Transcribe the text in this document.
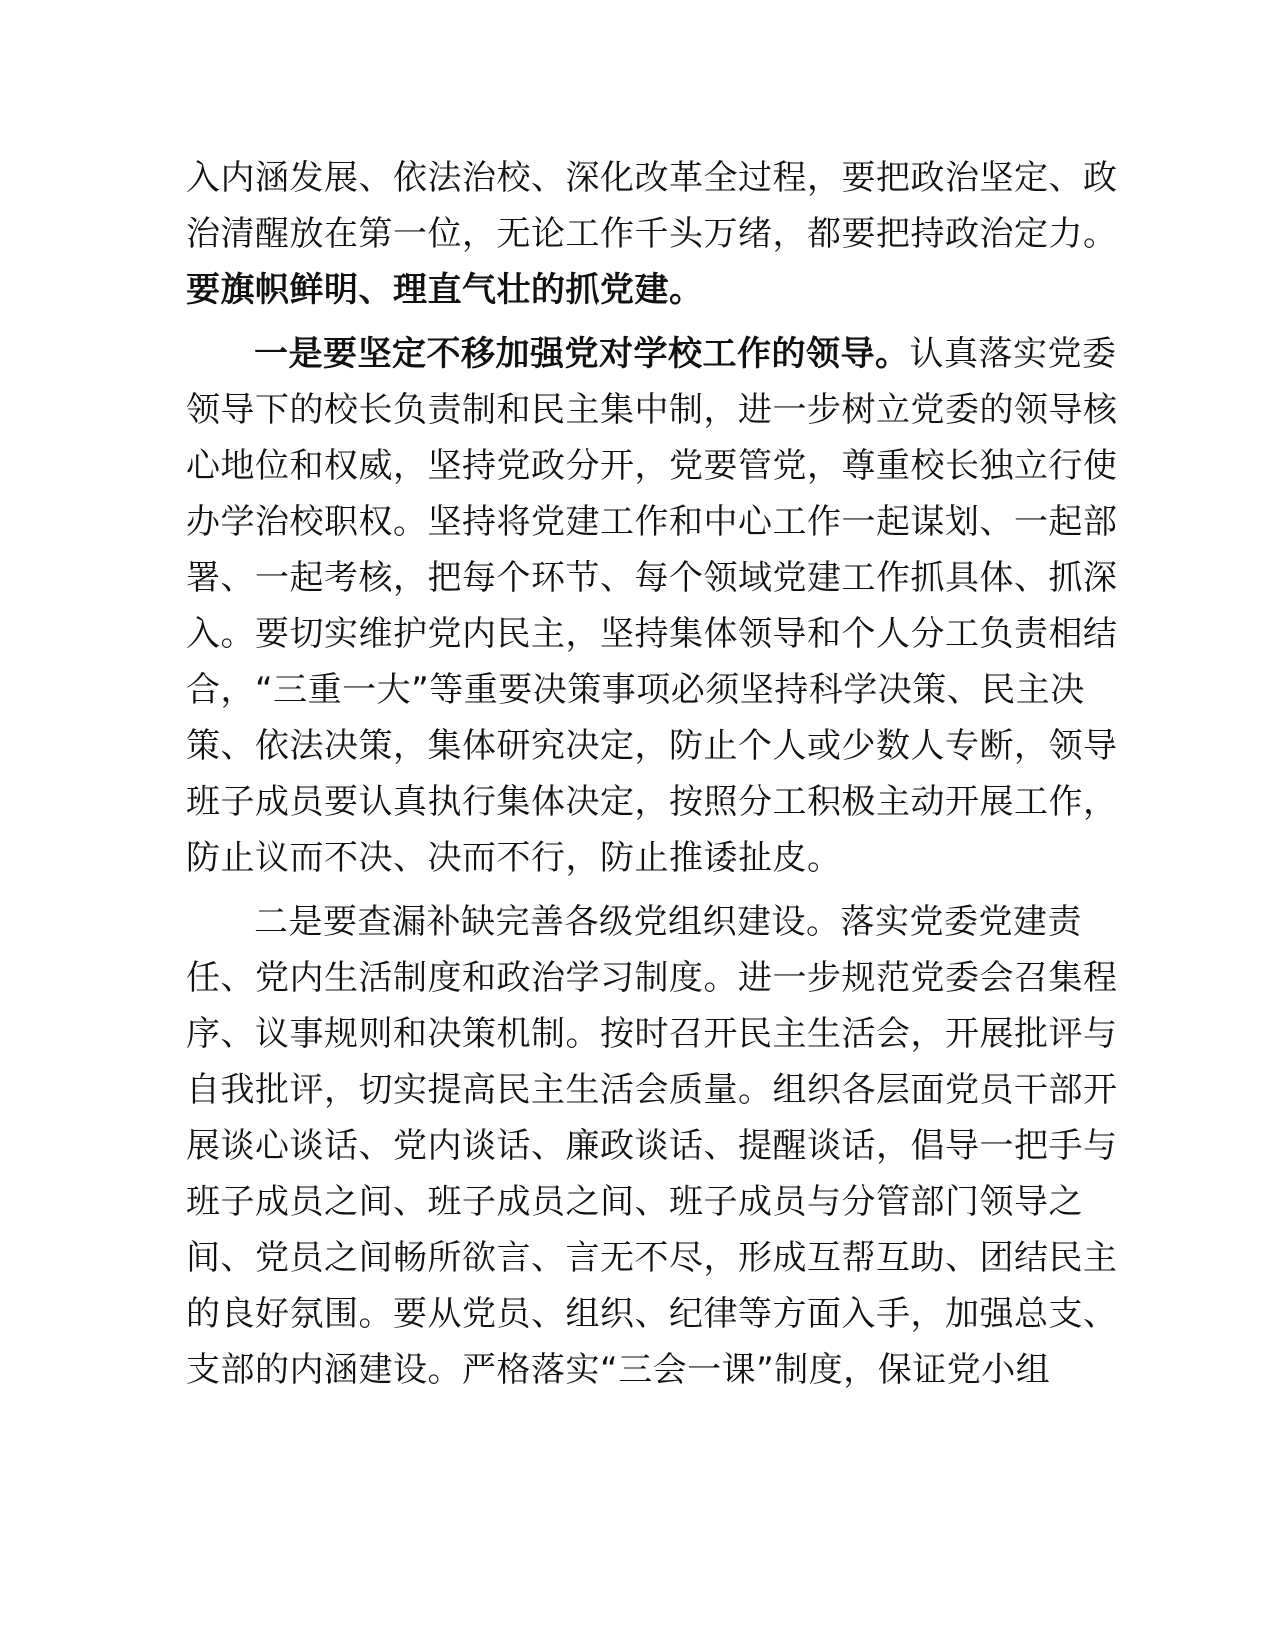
入内涵发展、依法治校、深化改革全过程，要把政治坚定、政
治清醒放在第一位，无论工作千头万绪，都要把持政治定力。
要旗帜鲜明、理直气壮的抓党建。
一是要坚定不移加强党对学校工作的领导。认真落实党委
领导下的校长负责制和民主集中制，进一步树立党委的领导核
心地位和权威，坚持党政分开，党要管党，尊重校长独立行使
办学治校职权。坚持将党建工作和中心工作一起谋划、一起部
署、一起考核，把每个环节、每个领域党建工作抓具体、抓深
入。要切实维护党内民主，坚持集体领导和个人分工负责相结
合，“三重一大”等重要决策事项必须坚持科学决策、民主决
策、依法决策，集体研究决定，防止个人或少数人专断，领导
班子成员要认真执行集体决定，按照分工积极主动开展工作，
防止议而不决、决而不行，防止推诿扯皮。
二是要查漏补缺完善各级党组织建设。落实党委党建责
任、党内生活制度和政治学习制度。进一步规范党委会召集程
序、议事规则和决策机制。按时召开民主生活会，开展批评与
自我批评，切实提高民主生活会质量。组织各层面党员干部开
展谈心谈话、党内谈话、廉政谈话、提醒谈话，倡导一把手与
班子成员之间、班子成员之间、班子成员与分管部门领导之
间、党员之间畅所欲言、言无不尽，形成互帮互助、团结民主
的良好氛围。要从党员、组织、纪律等方面入手，加强总支、
支部的内涵建设。严格落实“三会一课”制度，保证党小组
